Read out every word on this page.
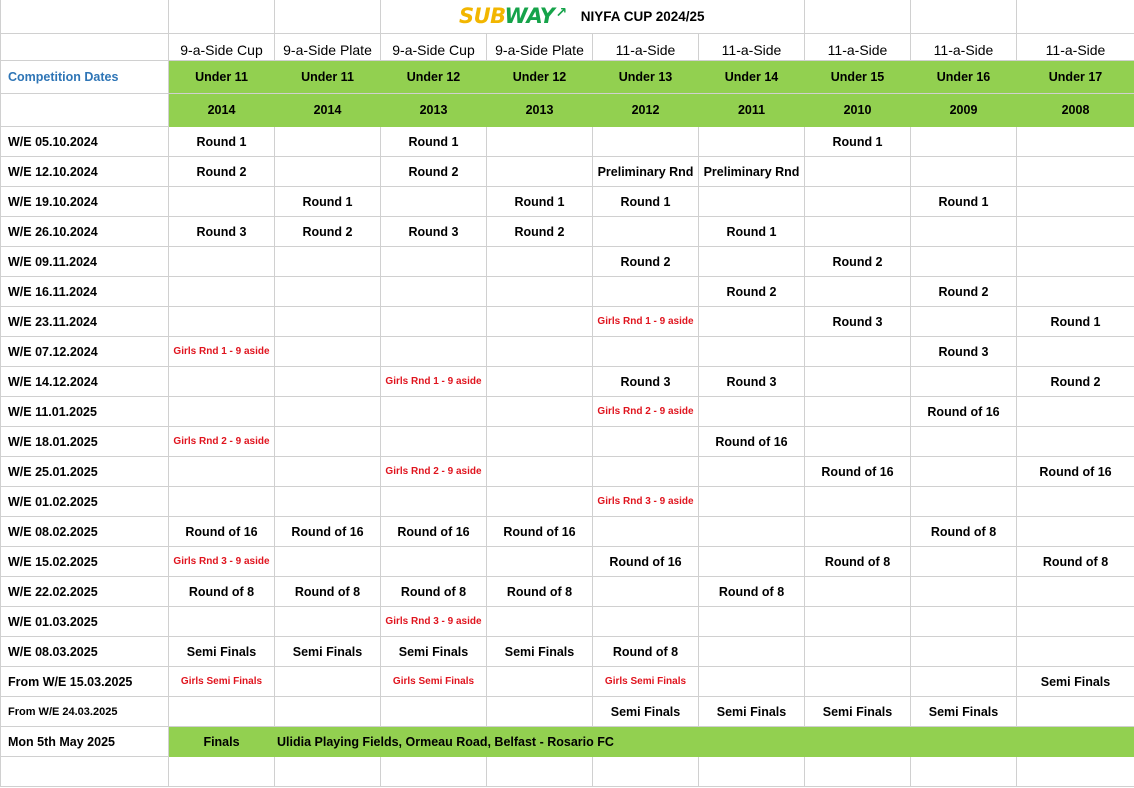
			SUBWAY↗ NIYFA CUP 2024/25						

	9-a-Side Cup	9-a-Side Plate	9-a-Side Cup	9-a-Side Plate	11-a-Side	11-a-Side	11-a-Side	11-a-Side	11-a-Side
Competition Dates	Under 11	Under 11	Under 12	Under 12	Under 13	Under 14	Under 15	Under 16	Under 17
	2014	2014	2013	2013	2012	2011	2010	2009	2008
W/E 05.10.2024	Round 1		Round 1				Round 1		
W/E 12.10.2024	Round 2		Round 2		Preliminary Rnd	Preliminary Rnd			
W/E 19.10.2024		Round 1		Round 1	Round 1			Round 1	
W/E 26.10.2024	Round 3	Round 2	Round 3	Round 2		Round 1			
W/E 09.11.2024					Round 2		Round 2		
W/E 16.11.2024						Round 2		Round 2	
W/E 23.11.2024					Girls Rnd 1 - 9 aside		Round 3		Round 1
W/E 07.12.2024	Girls Rnd 1 - 9 aside							Round 3	
W/E 14.12.2024			Girls Rnd 1 - 9 aside		Round 3	Round 3			Round 2
W/E 11.01.2025					Girls Rnd 2 - 9 aside			Round of 16	
W/E 18.01.2025	Girls Rnd 2 - 9 aside					Round of 16			
W/E 25.01.2025			Girls Rnd 2 - 9 aside				Round of 16		Round of 16
W/E 01.02.2025					Girls Rnd 3 - 9 aside				
W/E 08.02.2025	Round of 16	Round of 16	Round of 16	Round of 16				Round of 8	
W/E 15.02.2025	Girls Rnd 3 - 9 aside				Round of 16		Round of 8		Round of 8
W/E 22.02.2025	Round of 8	Round of 8	Round of 8	Round of 8		Round of 8			
W/E 01.03.2025			Girls Rnd 3 - 9 aside						
W/E 08.03.2025	Semi Finals	Semi Finals	Semi Finals	Semi Finals	Round of 8				
From W/E 15.03.2025	Girls Semi Finals		Girls Semi Finals		Girls Semi Finals				Semi Finals
From W/E 24.03.2025					Semi Finals	Semi Finals	Semi Finals	Semi Finals	
Mon 5th May 2025	Finals	Ulidia Playing Fields, Ormeau Road, Belfast - Rosario FC							
